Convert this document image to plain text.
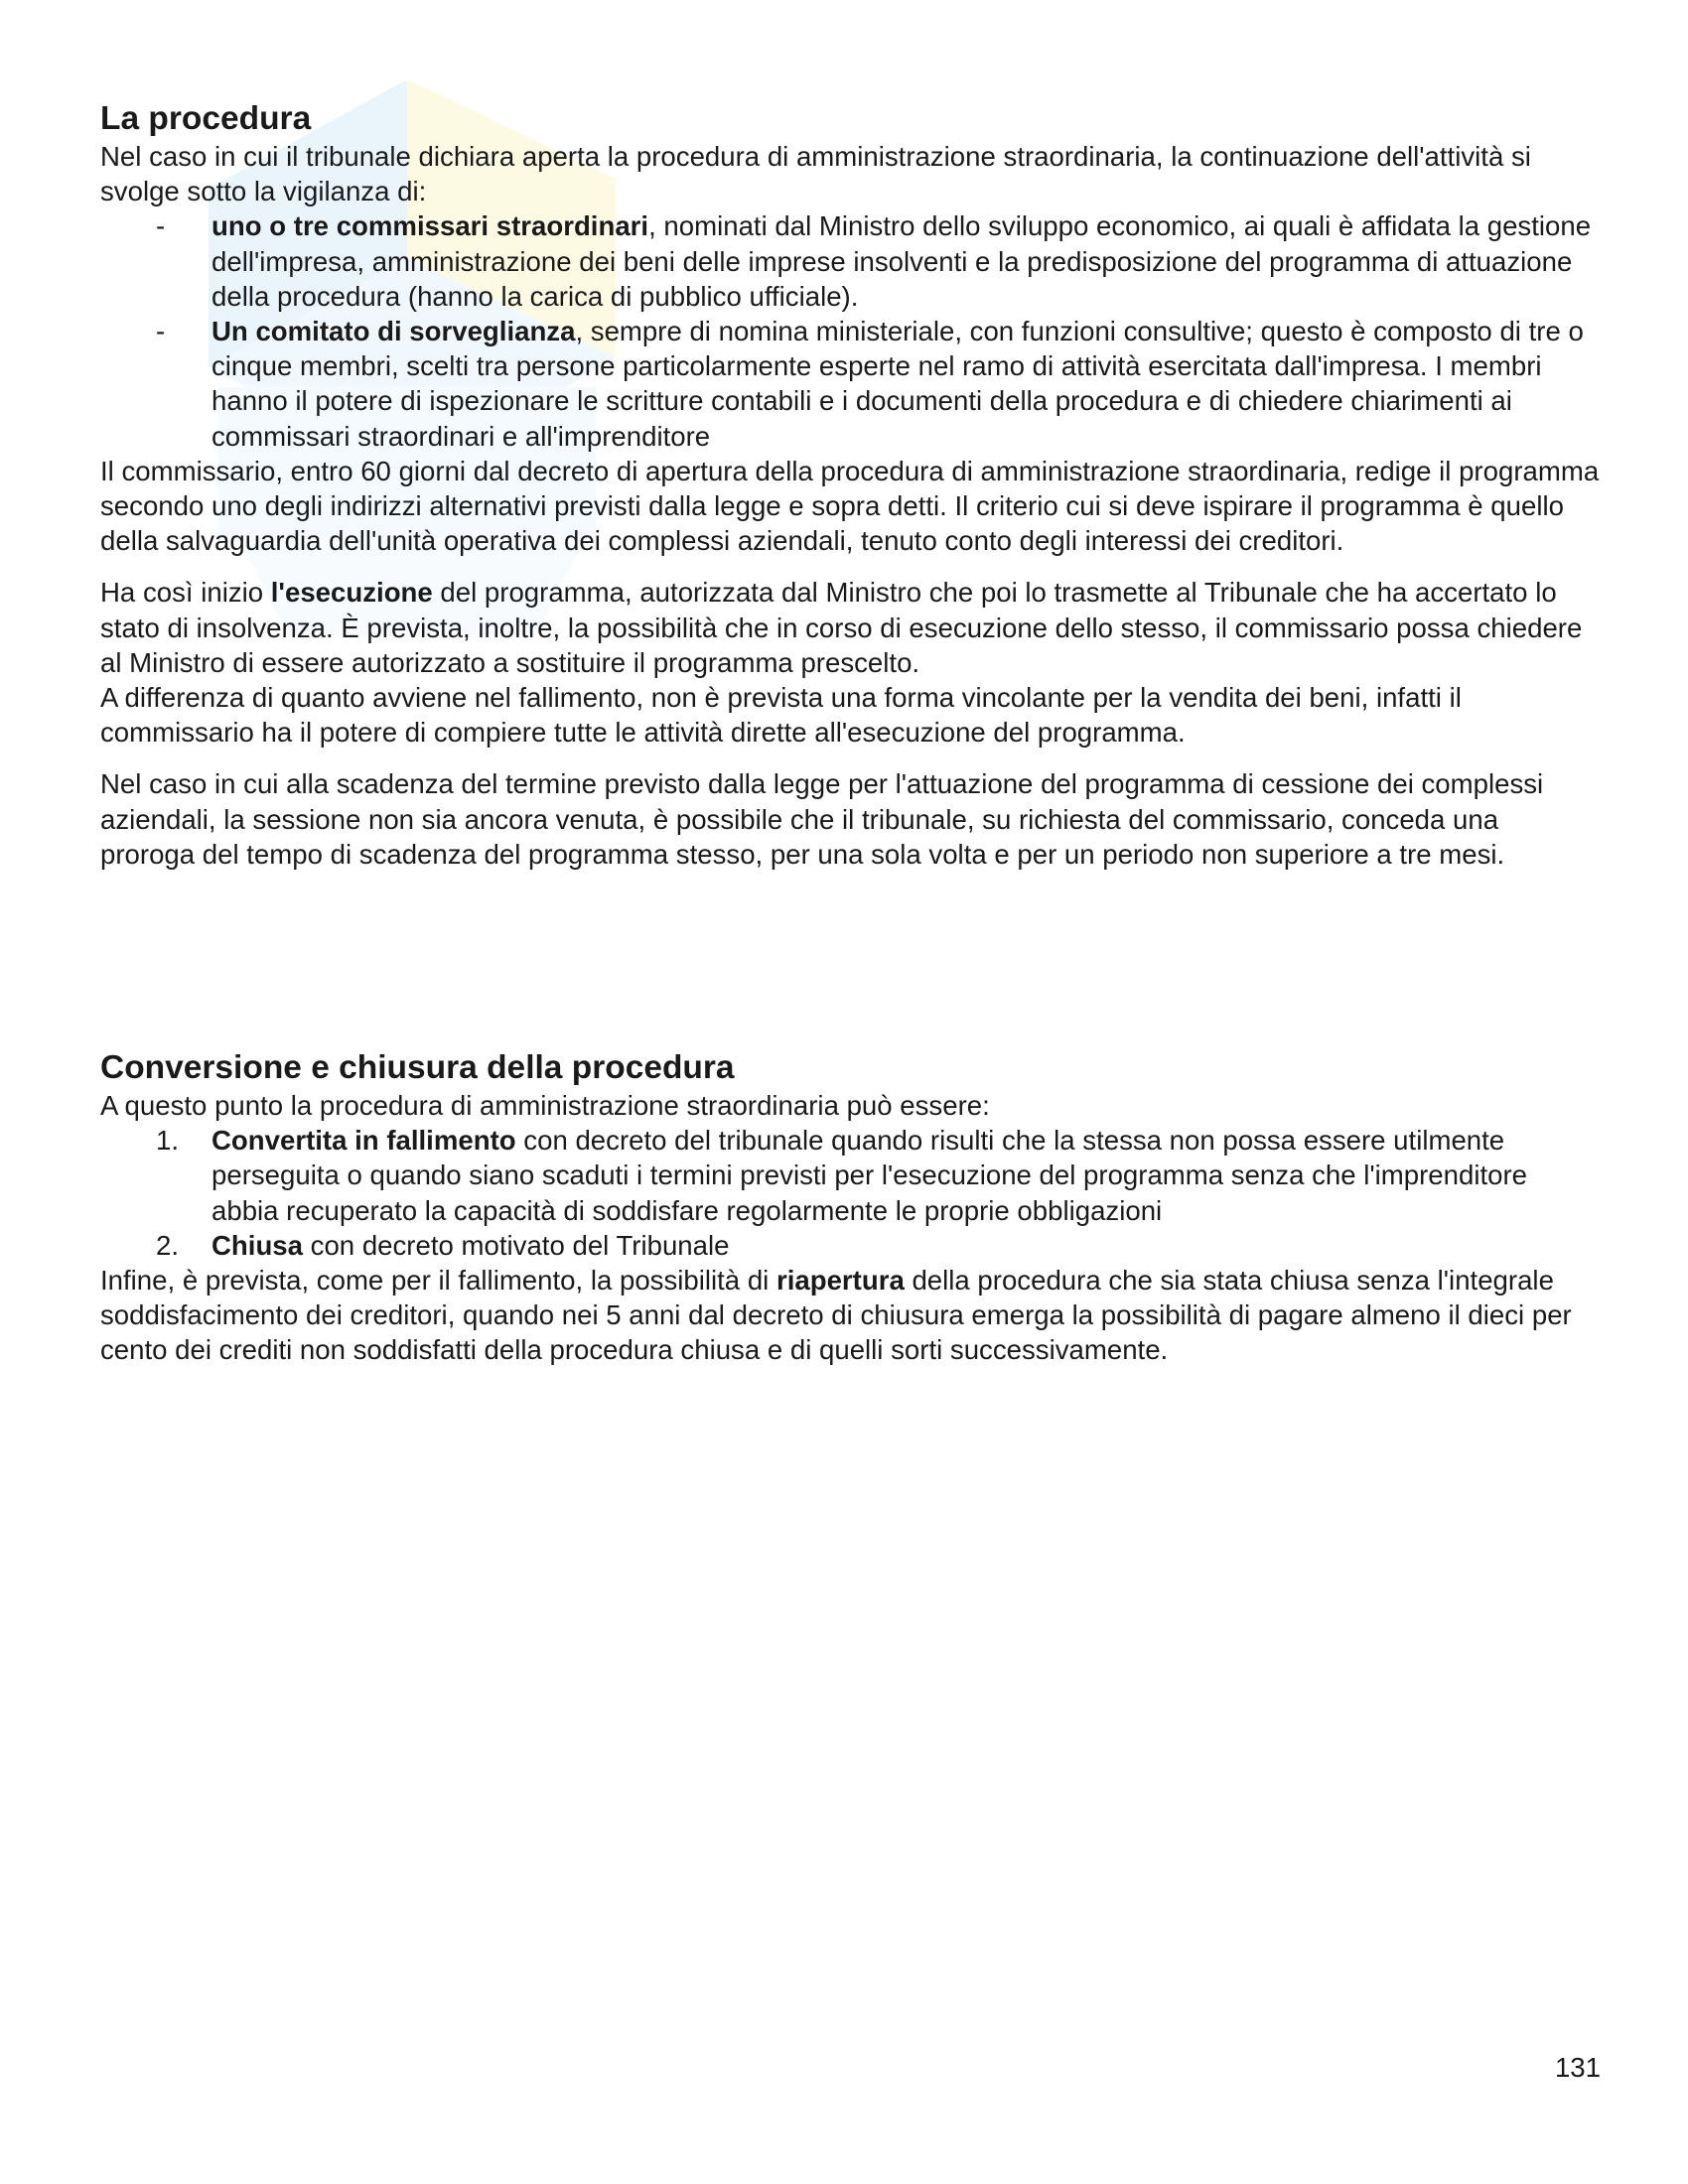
La procedura

Nel caso in cui il tribunale dichiara aperta la procedura di amministrazione straordinaria, la continuazione dell'attività si svolge sotto la vigilanza di:

- uno o tre commissari straordinari, nominati dal Ministro dello sviluppo economico, ai quali è affidata la gestione dell'impresa, amministrazione dei beni delle imprese insolventi e la predisposizione del programma di attuazione della procedura (hanno la carica di pubblico ufficiale).
- Un comitato di sorveglianza, sempre di nomina ministeriale, con funzioni consultive; questo è composto di tre o cinque membri, scelti tra persone particolarmente esperte nel ramo di attività esercitata dall'impresa. I membri hanno il potere di ispezionare le scritture contabili e i documenti della procedura e di chiedere chiarimenti ai commissari straordinari e all'imprenditore

Il commissario, entro 60 giorni dal decreto di apertura della procedura di amministrazione straordinaria, redige il programma secondo uno degli indirizzi alternativi previsti dalla legge e sopra detti. Il criterio cui si deve ispirare il programma è quello della salvaguardia dell'unità operativa dei complessi aziendali, tenuto conto degli interessi dei creditori.

Ha così inizio l'esecuzione del programma, autorizzata dal Ministro che poi lo trasmette al Tribunale che ha accertato lo stato di insolvenza. È prevista, inoltre, la possibilità che in corso di esecuzione dello stesso, il commissario possa chiedere al Ministro di essere autorizzato a sostituire il programma prescelto.

A differenza di quanto avviene nel fallimento, non è prevista una forma vincolante per la vendita dei beni, infatti il commissario ha il potere di compiere tutte le attività dirette all'esecuzione del programma.

Nel caso in cui alla scadenza del termine previsto dalla legge per l'attuazione del programma di cessione dei complessi aziendali, la sessione non sia ancora venuta, è possibile che il tribunale, su richiesta del commissario, conceda una proroga del tempo di scadenza del programma stesso, per una sola volta e per un periodo non superiore a tre mesi.

Conversione e chiusura della procedura

A questo punto la procedura di amministrazione straordinaria può essere:

1. Convertita in fallimento con decreto del tribunale quando risulti che la stessa non possa essere utilmente perseguita o quando siano scaduti i termini previsti per l'esecuzione del programma senza che l'imprenditore abbia recuperato la capacità di soddisfare regolarmente le proprie obbligazioni
2. Chiusa con decreto motivato del Tribunale

Infine, è prevista, come per il fallimento, la possibilità di riapertura della procedura che sia stata chiusa senza l'integrale soddisfacimento dei creditori, quando nei 5 anni dal decreto di chiusura emerga la possibilità di pagare almeno il dieci per cento dei crediti non soddisfatti della procedura chiusa e di quelli sorti successivamente.

131
